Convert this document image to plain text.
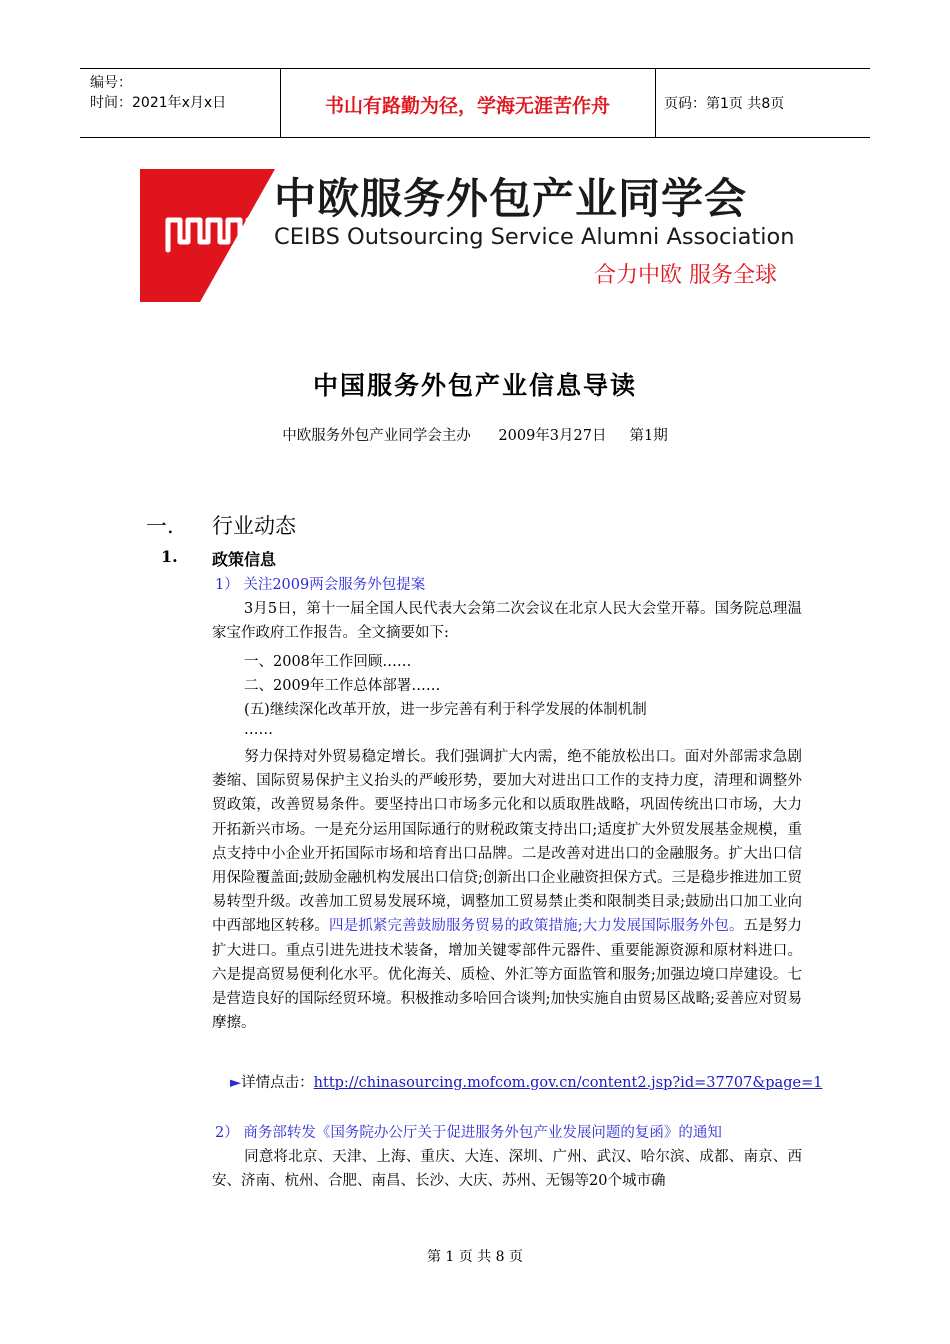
编号：
时间：2021年x月x日	书山有路勤为径，学海无涯苦作舟	页码：第1页 共8页
中欧服务外包产业同学会
CEIBS Outsourcing Service Alumni Association
合力中欧 服务全球
中国服务外包产业信息导读
中欧服务外包产业同学会主办      2009年3月27日     第1期
一. 行业动态
1. 政策信息
1） 关注2009两会服务外包提案
3月5日，第十一届全国人民代表大会第二次会议在北京人民大会堂开幕。国务院总理温家宝作政府工作报告。全文摘要如下:
一、2008年工作回顾……
二、2009年工作总体部署……
(五)继续深化改革开放，进一步完善有利于科学发展的体制机制
……
努力保持对外贸易稳定增长。我们强调扩大内需，绝不能放松出口。面对外部需求急剧萎缩、国际贸易保护主义抬头的严峻形势，要加大对进出口工作的支持力度，清理和调整外贸政策，改善贸易条件。要坚持出口市场多元化和以质取胜战略，巩固传统出口市场，大力开拓新兴市场。一是充分运用国际通行的财税政策支持出口;适度扩大外贸发展基金规模，重点支持中小企业开拓国际市场和培育出口品牌。二是改善对进出口的金融服务。扩大出口信用保险覆盖面;鼓励金融机构发展出口信贷;创新出口企业融资担保方式。三是稳步推进加工贸易转型升级。改善加工贸易发展环境，调整加工贸易禁止类和限制类目录;鼓励出口加工业向中西部地区转移。四是抓紧完善鼓励服务贸易的政策措施;大力发展国际服务外包。五是努力扩大进口。重点引进先进技术装备，增加关键零部件元器件、重要能源资源和原材料进口。六是提高贸易便利化水平。优化海关、质检、外汇等方面监管和服务;加强边境口岸建设。七是营造良好的国际经贸环境。积极推动多哈回合谈判;加快实施自由贸易区战略;妥善应对贸易摩擦。
►详情点击：http://chinasourcing.mofcom.gov.cn/content2.jsp?id=37707&page=1
2） 商务部转发《国务院办公厅关于促进服务外包产业发展问题的复函》的通知
同意将北京、天津、上海、重庆、大连、深圳、广州、武汉、哈尔滨、成都、南京、西安、济南、杭州、合肥、南昌、长沙、大庆、苏州、无锡等20个城市确
第 1 页 共 8 页
